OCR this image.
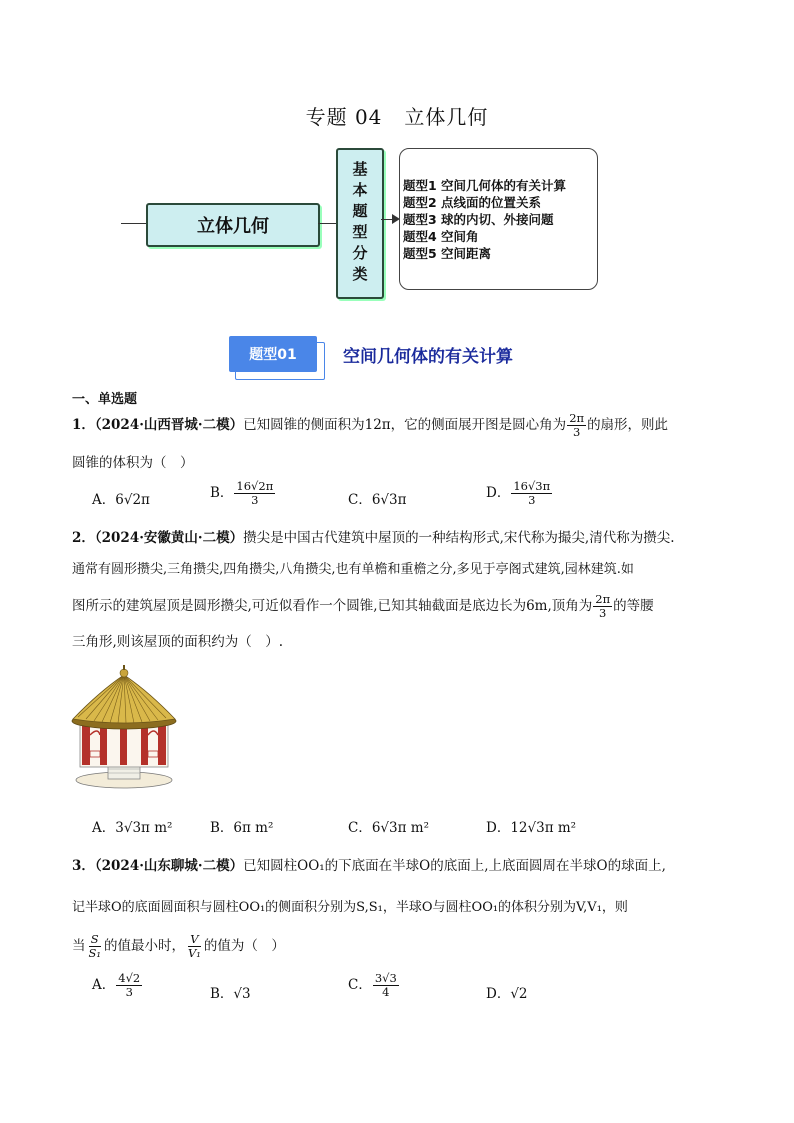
专题 04 立体几何
立体几何	基本题型分类	题型1 空间几何体的有关计算
题型2 点线面的位置关系
题型3 球的内切、外接问题
题型4 空间角
题型5 空间距离
题型01	空间几何体的有关计算
一、单选题
1．（2024·山西晋城·二模）已知圆锥的侧面积为12π，它的侧面展开图是圆心角为 $\frac{2\pi}{3}$ 的扇形，则此
圆锥的体积为（　）
A．6√2π	B． $\frac{16√2\pi}{3}$	C．6√3π	D． $\frac{16√3\pi}{3}$
2．（2024·安徽黄山·二模）攒尖是中国古代建筑中屋顶的一种结构形式,宋代称为撮尖,清代称为攒尖.
通常有圆形攒尖,三角攒尖,四角攒尖,八角攒尖,也有单檐和重檐之分,多见于亭阁式建筑,园林建筑.如
图所示的建筑屋顶是圆形攒尖,可近似看作一个圆锥,已知其轴截面是底边长为6m,顶角为 $\frac{2\pi}{3}$ 的等腰
三角形,则该屋顶的面积约为（　）.
A．3√3π m²	B．6π m²	C．6√3π m²	D．12√3π m²
3．（2024·山东聊城·二模）已知圆柱OO₁的下底面在半球O的底面上,上底面圆周在半球O的球面上,
记半球O的底面圆面积与圆柱OO₁的侧面积分别为S,S₁，半球O与圆柱OO₁的体积分别为V,V₁，则
当 $\frac{S}{\text{S₁}}$ 的值最小时， $\frac{V}{\text{V₁}}$ 的值为（　）
A． $\frac{4√2}{3}$	B．√3
C． $\frac{3√3}{4}$	D．√2
